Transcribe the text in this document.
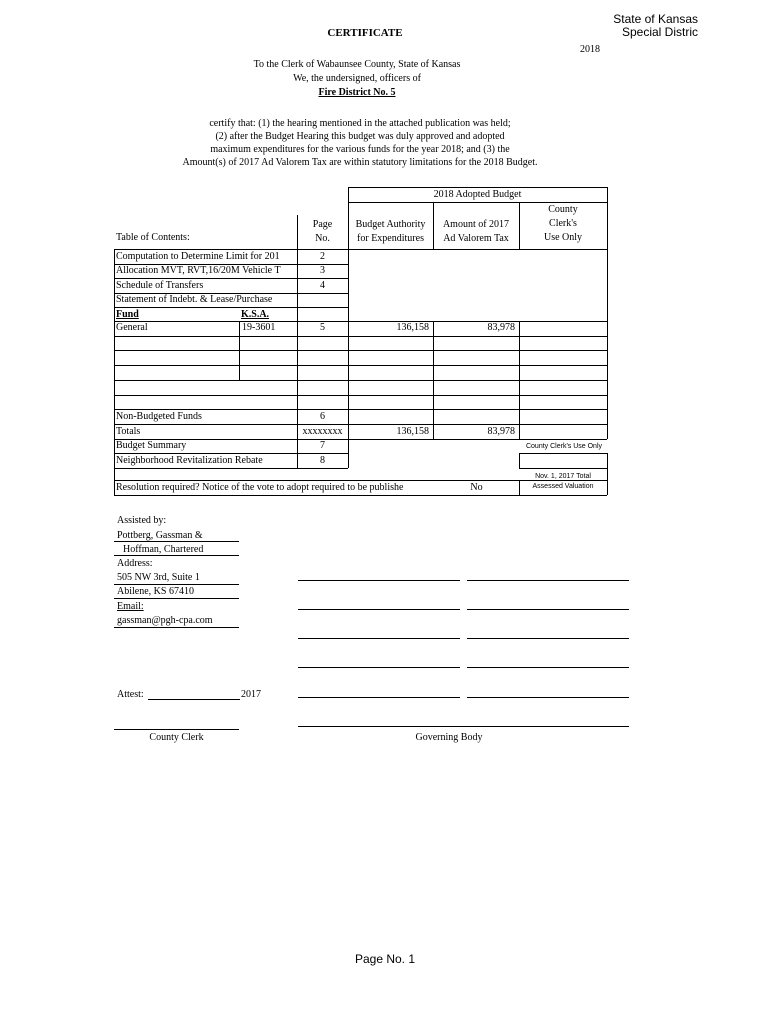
State of Kansas
Special Distric
2018
CERTIFICATE
To the Clerk of Wabaunsee County, State of Kansas
We, the undersigned, officers of
Fire District No. 5
certify that: (1) the hearing mentioned in the attached publication was held;
(2) after the Budget Hearing this budget was duly approved and adopted
maximum expenditures for the various funds for the year 2018; and (3) the
Amount(s) of 2017 Ad Valorem Tax are within statutory limitations for the 2018 Budget.
2018 Adopted Budget
Table of Contents:
Page
No.
Budget Authority
for Expenditures
Amount of 2017
Ad Valorem Tax
County
Clerk's
Use Only
Computation to Determine Limit for 201	2
Allocation MVT, RVT,16/20M Vehicle T	3
Schedule of Transfers	4
Statement of Indebt. & Lease/Purchase
Fund	K.S.A.
General	19-3601	5	136,158	83,978
Non-Budgeted Funds	6
Totals	xxxxxxxx	136,158	83,978
Budget Summary	7
Neighborhood Revitalization Rebate	8
County Clerk's Use Only
Nov. 1, 2017 Total
Assessed Valuation
Resolution required? Notice of the vote to adopt required to be publishe	No
Assisted by:
Pottberg, Gassman &
Hoffman, Chartered
Address:
505 NW 3rd, Suite 1
Abilene, KS 67410
Email:
gassman@pgh-cpa.com
Attest:	2017
County Clerk	Governing Body
Page No. 1
